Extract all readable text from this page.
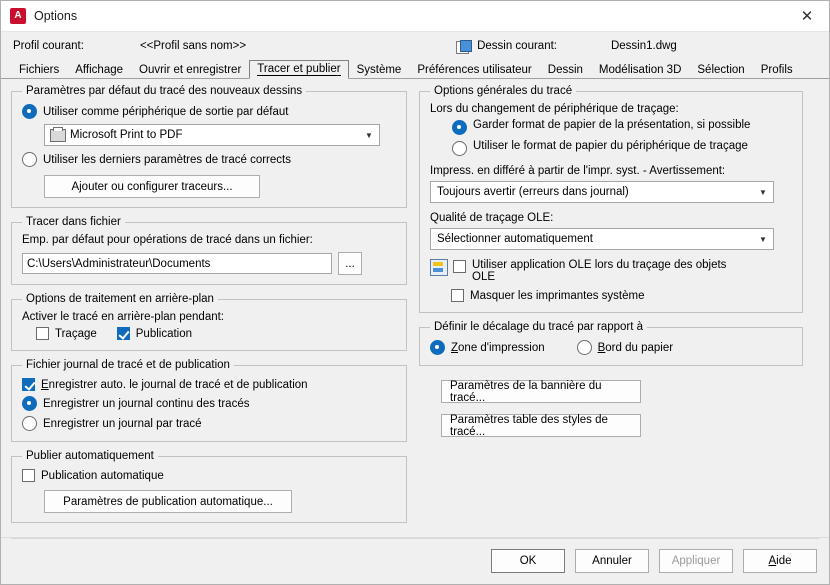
A Options	✕
Profil courant:	<<Profil sans nom>>	Dessin courant:	Dessin1.dwg
Fichiers	Affichage	Ouvrir et enregistrer	Tracer et publier	Système	Préférences utilisateur	Dessin	Modélisation 3D	Sélection	Profils
Paramètres par défaut du tracé des nouveaux dessins
Utiliser comme périphérique de sortie par défaut
Microsoft Print to PDF	▼
Utiliser les derniers paramètres de tracé corrects
Ajouter ou configurer traceurs...
Tracer dans fichier
Emp. par défaut pour opérations de tracé dans un fichier:
C:\Users\Administrateur\Documents	...
Options de traitement en arrière-plan
Activer le tracé en arrière-plan pendant:
Traçage	Publication
Fichier journal de tracé et de publication
Enregistrer auto. le journal de tracé et de publication
Enregistrer un journal continu des tracés
Enregistrer un journal par tracé
Publier automatiquement
Publication automatique
Paramètres de publication automatique...
Options générales du tracé
Lors du changement de périphérique de traçage:
Garder format de papier de la présentation, si possible
Utiliser le format de papier du périphérique de traçage
Impress. en différé à partir de l'impr. syst. - Avertissement:
Toujours avertir (erreurs dans journal)	▼
Qualité de traçage OLE:
Sélectionner automatiquement	▼
Utiliser application OLE lors du traçage des objets OLE
Masquer les imprimantes système
Définir le décalage du tracé par rapport à
Zone d'impression	Bord du papier
Paramètres de la bannière du tracé...
Paramètres table des styles de tracé...
OK	Annuler	Appliquer	Aide
